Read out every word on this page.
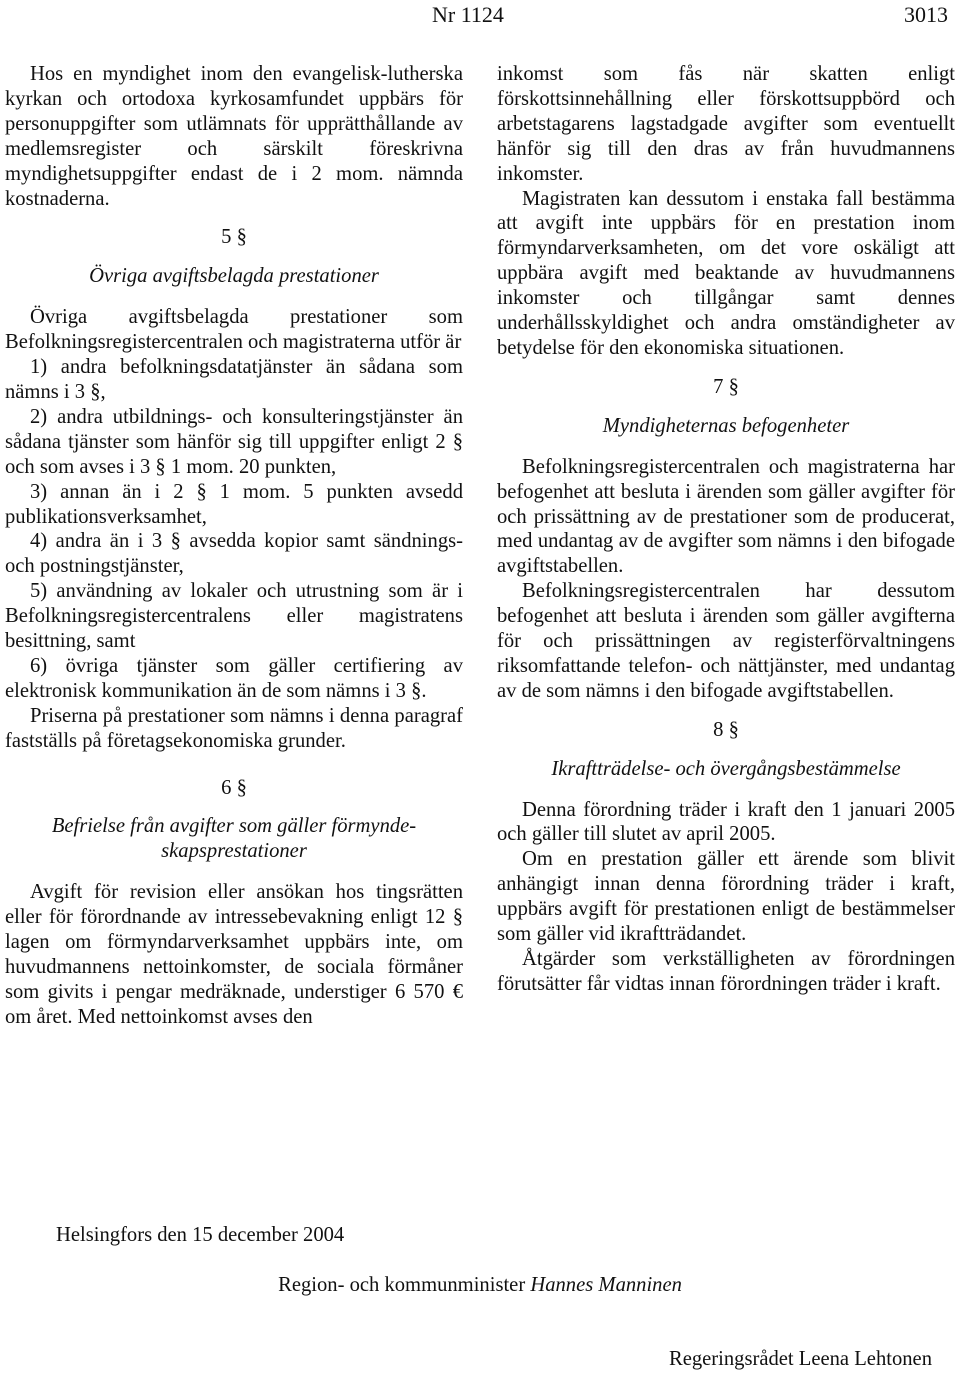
Nr 1124	3013

Hos en myndighet inom den evangelisk-lutherska kyrkan och ortodoxa kyrkosamfundet uppbärs för personuppgifter som utlämnats för upprätthållande av medlemsregister och särskilt föreskrivna myndighetsuppgifter endast de i 2 mom. nämnda kostnaderna.

5 §
Övriga avgiftsbelagda prestationer

Övriga avgiftsbelagda prestationer som Befolkningsregistercentralen och magistraterna utför är

1) andra befolkningsdatatjänster än sådana som nämns i 3 §,

2) andra utbildnings- och konsulteringstjänster än sådana tjänster som hänför sig till uppgifter enligt 2 § och som avses i 3 § 1 mom. 20 punkten,

3) annan än i 2 § 1 mom. 5 punkten avsedd publikationsverksamhet,

4) andra än i 3 § avsedda kopior samt sändnings- och postningstjänster,

5) användning av lokaler och utrustning som är i Befolkningsregistercentralens eller magistratens besittning, samt

6) övriga tjänster som gäller certifiering av elektronisk kommunikation än de som nämns i 3 §.

Priserna på prestationer som nämns i denna paragraf fastställs på företagsekonomiska grunder.

6 §
Befrielse från avgifter som gäller förmynde-
skapsprestationer

Avgift för revision eller ansökan hos tingsrätten eller för förordnande av intressebevakning enligt 12 § lagen om förmyndarverksamhet uppbärs inte, om huvudmannens nettoinkomster, de sociala förmåner som givits i pengar medräknade, understiger 6 570 € om året. Med nettoinkomst avses den

inkomst som fås när skatten enligt förskottsinnehållning eller förskottsuppbörd och arbetstagarens lagstadgade avgifter som eventuellt hänför sig till den dras av från huvudmannens inkomster.

Magistraten kan dessutom i enstaka fall bestämma att avgift inte uppbärs för en prestation inom förmyndarverksamheten, om det vore oskäligt att uppbära avgift med beaktande av huvudmannens inkomster och tillgångar samt dennes underhållsskyldighet och andra omständigheter av betydelse för den ekonomiska situationen.

7 §
Myndigheternas befogenheter

Befolkningsregistercentralen och magistraterna har befogenhet att besluta i ärenden som gäller avgifter för och prissättning av de prestationer som de producerat, med undantag av de avgifter som nämns i den bifogade avgiftstabellen.

Befolkningsregistercentralen har dessutom befogenhet att besluta i ärenden som gäller avgifterna för och prissättningen av registerförvaltningens riksomfattande telefon- och nättjänster, med undantag av de som nämns i den bifogade avgiftstabellen.

8 §
Ikraftträdelse- och övergångsbestämmelse

Denna förordning träder i kraft den 1 januari 2005 och gäller till slutet av april 2005.

Om en prestation gäller ett ärende som blivit anhängigt innan denna förordning träder i kraft, uppbärs avgift för prestationen enligt de bestämmelser som gäller vid ikraftträdandet.

Åtgärder som verkställigheten av förordningen förutsätter får vidtas innan förordningen träder i kraft.

Helsingfors den 15 december 2004
Region- och kommunminister Hannes Manninen
Regeringsrådet Leena Lehtonen
